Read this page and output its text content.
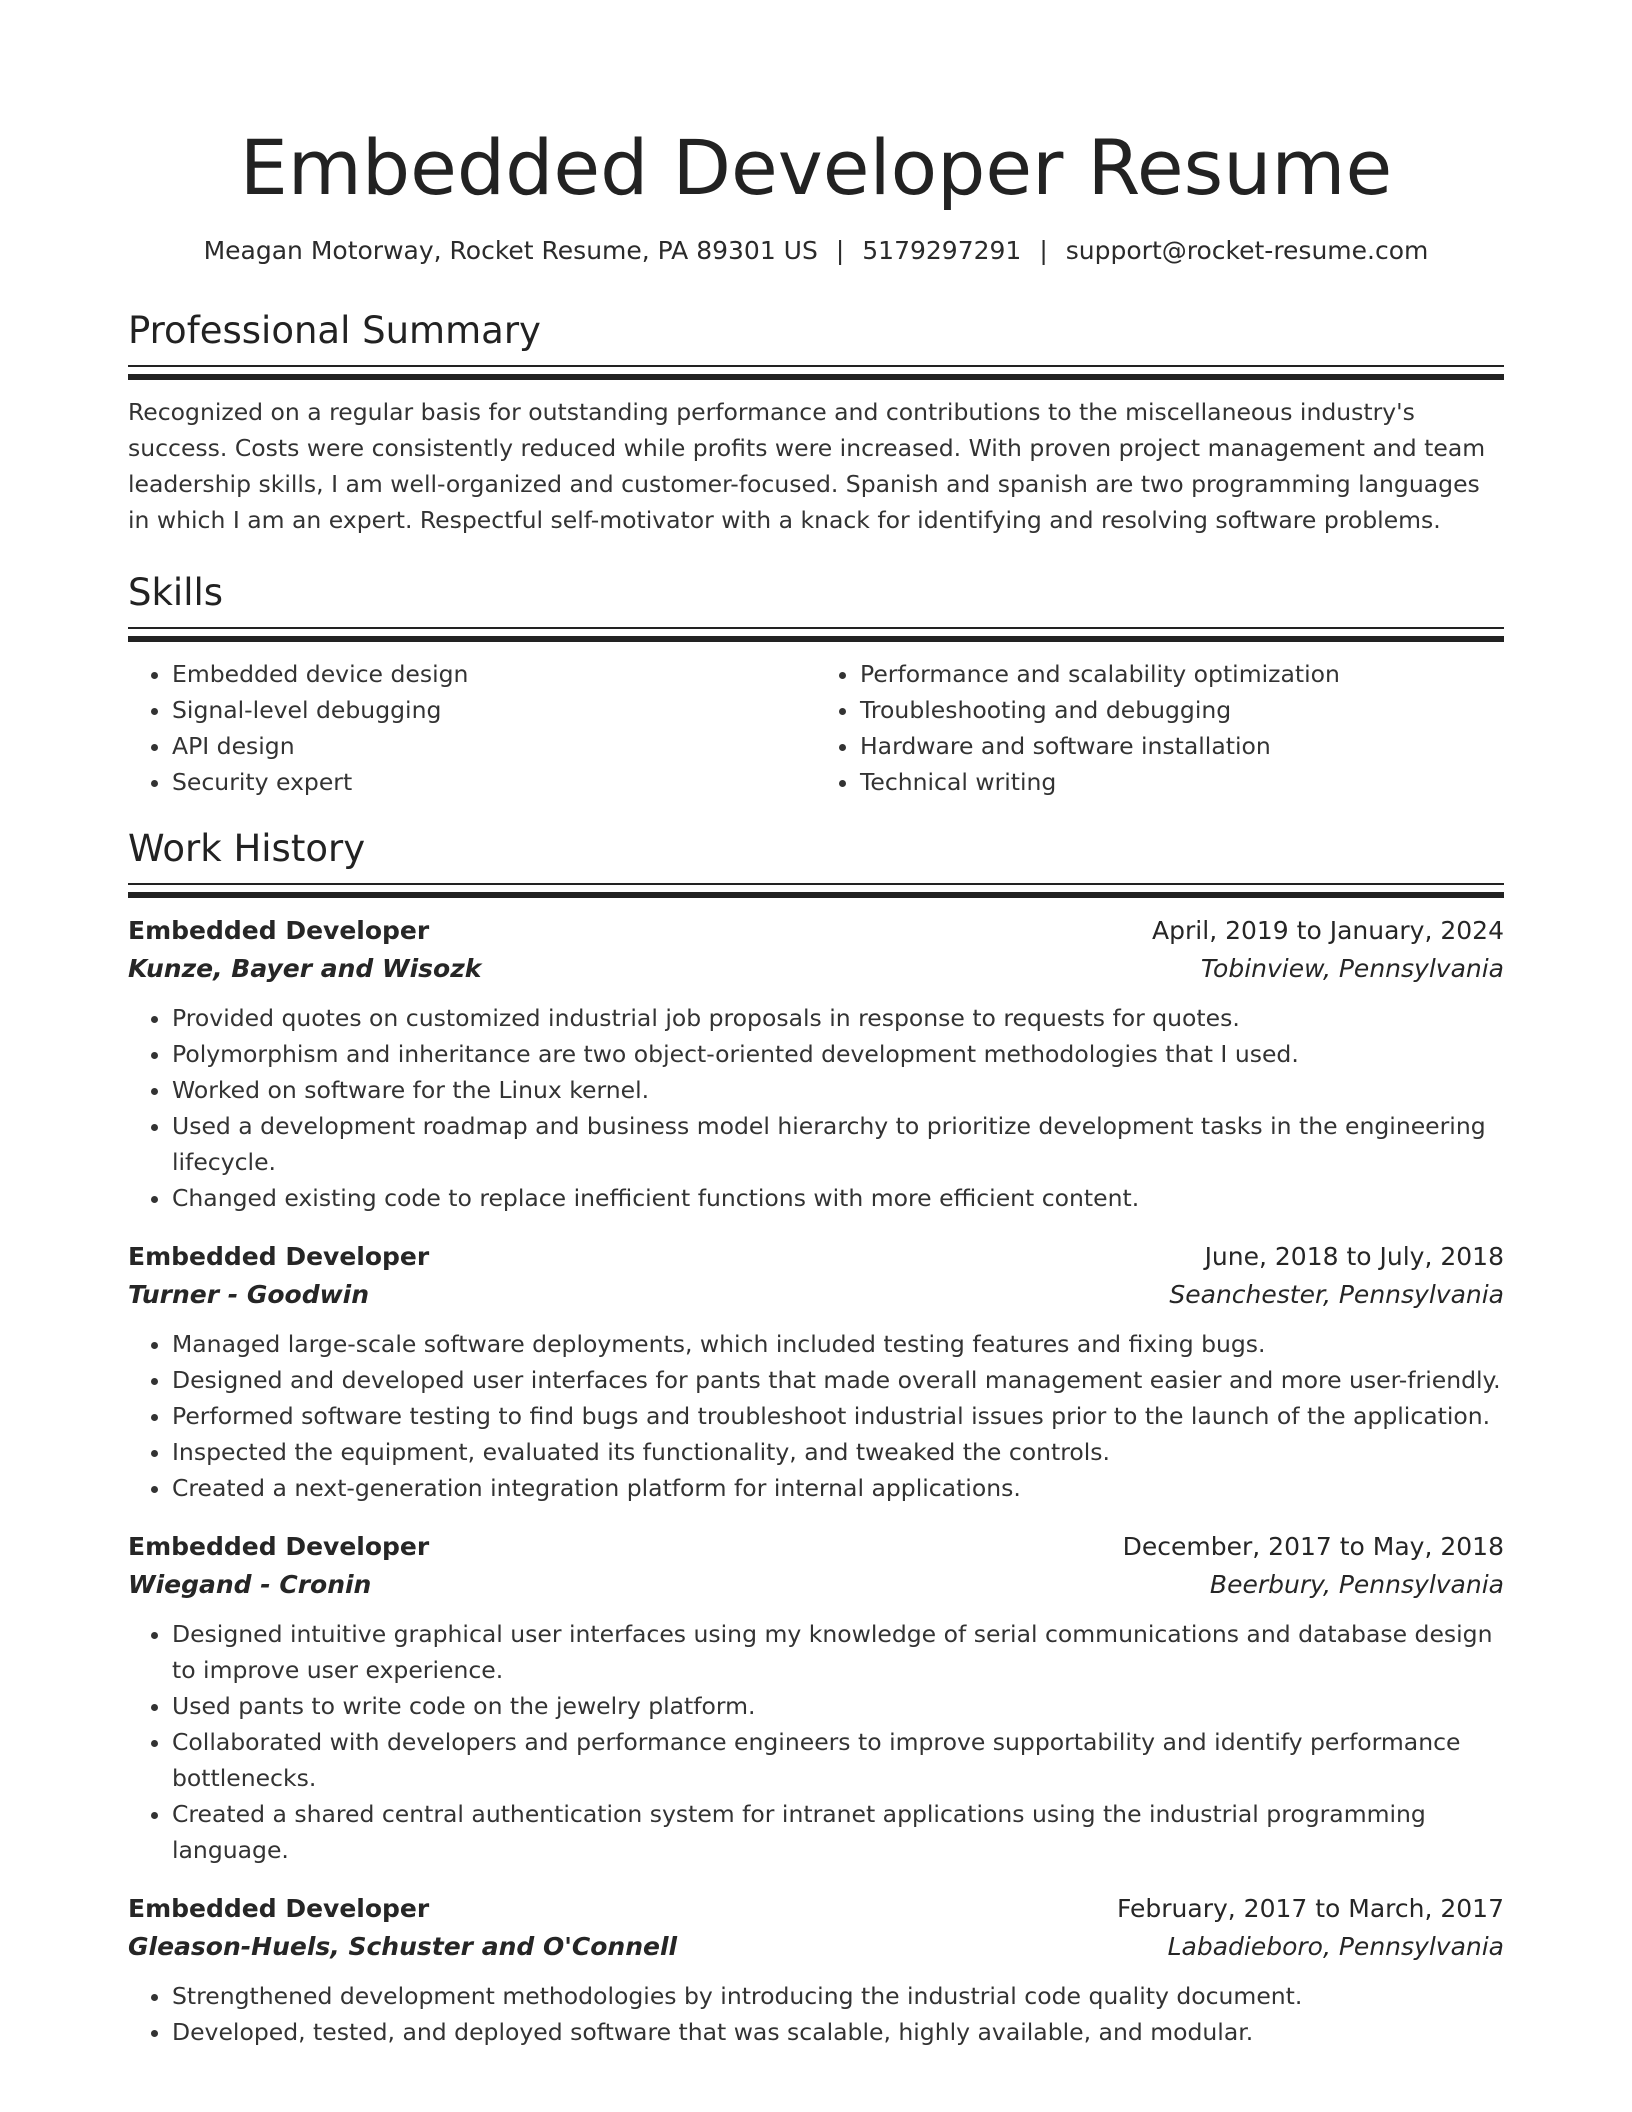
Embedded Developer Resume
Meagan Motorway, Rocket Resume, PA 89301 US | 5179297291 | support@rocket-resume.com
Professional Summary

Recognized on a regular basis for outstanding performance and contributions to the miscellaneous industry's success. Costs were consistently reduced while profits were increased. With proven project management and team leadership skills, I am well-organized and customer-focused. Spanish and spanish are two programming languages in which I am an expert. Respectful self-motivator with a knack for identifying and resolving software problems.

Skills
• Embedded device design
• Signal-level debugging
• API design
• Security expert
• Performance and scalability optimization
• Troubleshooting and debugging
• Hardware and software installation
• Technical writing
Work History
Embedded Developer	April, 2019 to January, 2024
Kunze, Bayer and Wisozk	Tobinview, Pennsylvania
• Provided quotes on customized industrial job proposals in response to requests for quotes.
• Polymorphism and inheritance are two object-oriented development methodologies that I used.
• Worked on software for the Linux kernel.
• Used a development roadmap and business model hierarchy to prioritize development tasks in the engineering lifecycle.
• Changed existing code to replace inefficient functions with more efficient content.
Embedded Developer	June, 2018 to July, 2018
Turner - Goodwin	Seanchester, Pennsylvania
• Managed large-scale software deployments, which included testing features and fixing bugs.
• Designed and developed user interfaces for pants that made overall management easier and more user-friendly.
• Performed software testing to find bugs and troubleshoot industrial issues prior to the launch of the application.
• Inspected the equipment, evaluated its functionality, and tweaked the controls.
• Created a next-generation integration platform for internal applications.
Embedded Developer	December, 2017 to May, 2018
Wiegand - Cronin	Beerbury, Pennsylvania
• Designed intuitive graphical user interfaces using my knowledge of serial communications and database design to improve user experience.
• Used pants to write code on the jewelry platform.
• Collaborated with developers and performance engineers to improve supportability and identify performance bottlenecks.
• Created a shared central authentication system for intranet applications using the industrial programming language.
Embedded Developer	February, 2017 to March, 2017
Gleason-Huels, Schuster and O'Connell	Labadieboro, Pennsylvania
• Strengthened development methodologies by introducing the industrial code quality document.
• Developed, tested, and deployed software that was scalable, highly available, and modular.
